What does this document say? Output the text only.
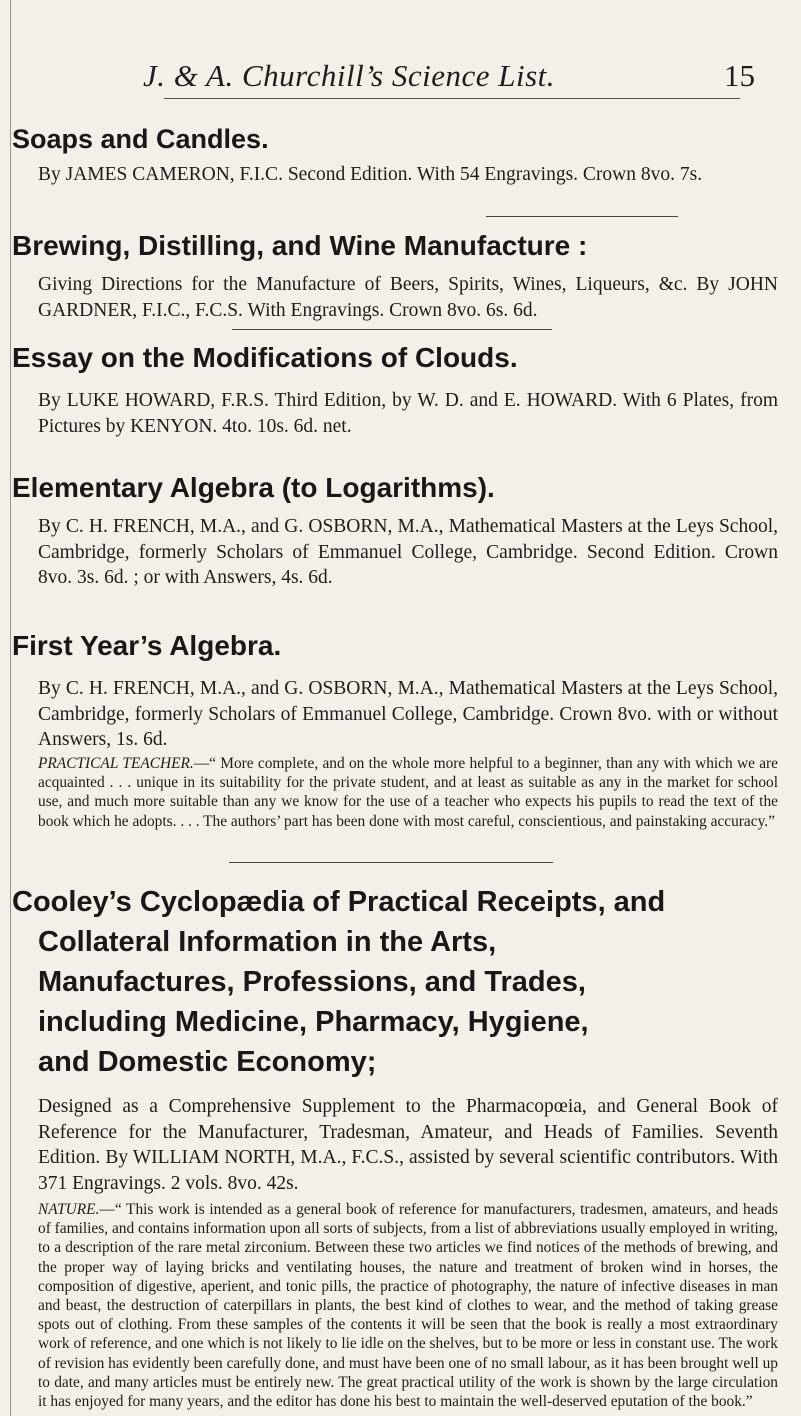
J. & A. Churchill’s Science List.	15
Soaps and Candles.
By JAMES CAMERON, F.I.C. Second Edition. With 54 Engravings. Crown 8vo. 7s.
Brewing, Distilling, and Wine Manufacture :
Giving Directions for the Manufacture of Beers, Spirits, Wines, Liqueurs, &c. By JOHN GARDNER, F.I.C., F.C.S. With Engravings. Crown 8vo. 6s. 6d.
Essay on the Modifications of Clouds.
By LUKE HOWARD, F.R.S. Third Edition, by W. D. and E. HOWARD. With 6 Plates, from Pictures by KENYON. 4to. 10s. 6d. net.
Elementary Algebra (to Logarithms).
By C. H. FRENCH, M.A., and G. OSBORN, M.A., Mathematical Masters at the Leys School, Cambridge, formerly Scholars of Emmanuel College, Cambridge. Second Edition. Crown 8vo. 3s. 6d. ; or with Answers, 4s. 6d.
First Year’s Algebra.
By C. H. FRENCH, M.A., and G. OSBORN, M.A., Mathematical Masters at the Leys School, Cambridge, formerly Scholars of Emmanuel College, Cambridge. Crown 8vo. with or without Answers, 1s. 6d.
PRACTICAL TEACHER.—“ More complete, and on the whole more helpful to a beginner, than any with which we are acquainted . . . unique in its suitability for the private student, and at least as suitable as any in the market for school use, and much more suitable than any we know for the use of a teacher who expects his pupils to read the text of the book which he adopts. . . . The authors’ part has been done with most careful, conscientious, and painstaking accuracy.”
Cooley’s Cyclopædia of Practical Receipts, and
Collateral Information in the Arts,
Manufactures, Professions, and Trades,
including Medicine, Pharmacy, Hygiene,
and Domestic Economy;
Designed as a Comprehensive Supplement to the Pharmacopœia, and General Book of Reference for the Manufacturer, Tradesman, Amateur, and Heads of Families. Seventh Edition. By WILLIAM NORTH, M.A., F.C.S., assisted by several scientific contributors. With 371 Engravings. 2 vols. 8vo. 42s.
NATURE.—“ This work is intended as a general book of reference for manufacturers, tradesmen, amateurs, and heads of families, and contains information upon all sorts of subjects, from a list of abbreviations usually employed in writing, to a description of the rare metal zirconium. Between these two articles we find notices of the methods of brewing, and the proper way of laying bricks and ventilating houses, the nature and treatment of broken wind in horses, the composition of digestive, aperient, and tonic pills, the practice of photography, the nature of infective diseases in man and beast, the destruction of caterpillars in plants, the best kind of clothes to wear, and the method of taking grease spots out of clothing. From these samples of the contents it will be seen that the book is really a most extraordinary work of reference, and one which is not likely to lie idle on the shelves, but to be more or less in constant use. The work of revision has evidently been carefully done, and must have been one of no small labour, as it has been brought well up to date, and many articles must be entirely new. The great practical utility of the work is shown by the large circulation it has enjoyed for many years, and the editor has done his best to maintain the well-deserved eputation of the book.”
